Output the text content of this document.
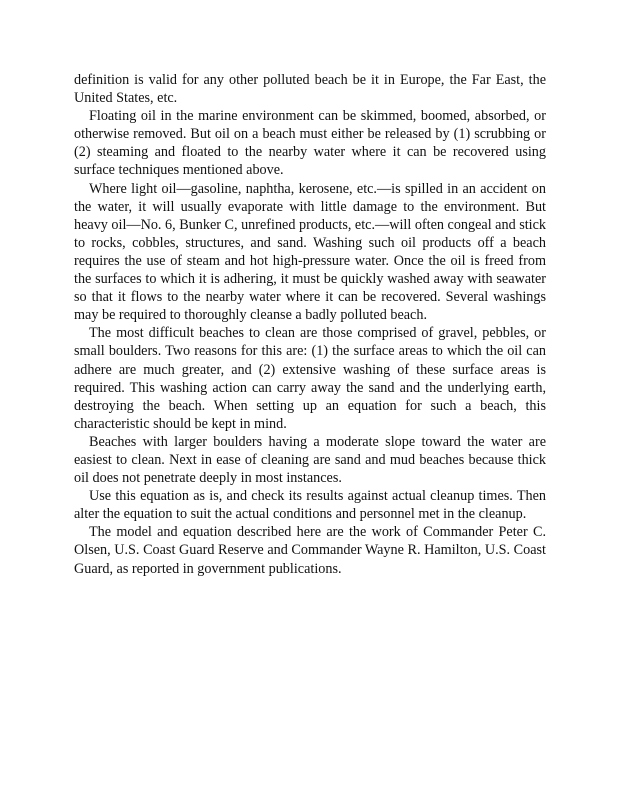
definition is valid for any other polluted beach be it in Europe, the Far East, the United States, etc.

Floating oil in the marine environment can be skimmed, boomed, absorbed, or otherwise removed. But oil on a beach must either be released by (1) scrubbing or (2) steaming and floated to the nearby water where it can be recovered using surface techniques mentioned above.

Where light oil—gasoline, naphtha, kerosene, etc.—is spilled in an accident on the water, it will usually evaporate with little damage to the environment. But heavy oil—No. 6, Bunker C, unrefined products, etc.—will often congeal and stick to rocks, cobbles, structures, and sand. Washing such oil products off a beach requires the use of steam and hot high-pressure water. Once the oil is freed from the surfaces to which it is adhering, it must be quickly washed away with seawater so that it flows to the nearby water where it can be recovered. Several washings may be required to thoroughly cleanse a badly polluted beach.

The most difficult beaches to clean are those comprised of gravel, pebbles, or small boulders. Two reasons for this are: (1) the surface areas to which the oil can adhere are much greater, and (2) extensive washing of these surface areas is required. This washing action can carry away the sand and the underlying earth, destroying the beach. When setting up an equation for such a beach, this characteristic should be kept in mind.

Beaches with larger boulders having a moderate slope toward the water are easiest to clean. Next in ease of cleaning are sand and mud beaches because thick oil does not penetrate deeply in most instances.

Use this equation as is, and check its results against actual cleanup times. Then alter the equation to suit the actual conditions and personnel met in the cleanup.

The model and equation described here are the work of Commander Peter C. Olsen, U.S. Coast Guard Reserve and Commander Wayne R. Hamilton, U.S. Coast Guard, as reported in government publications.
